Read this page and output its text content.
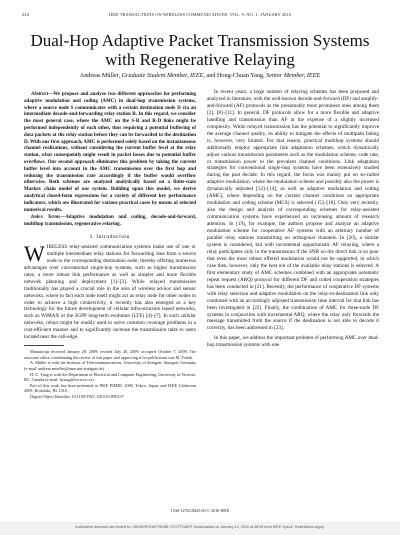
234	IEEE TRANSACTIONS ON WIRELESS COMMUNICATIONS, VOL. 9, NO. 1, JANUARY 2010
Dual-Hop Adaptive Packet Transmission Systems
with Regenerative Relaying
Andreas Müller, Graduate Student Member, IEEE, and Hong-Chuan Yang, Senior Member, IEEE

Abstract—We propose and analyze two different approaches for performing adaptive modulation and coding (AMC) in dual-hop transmission systems, where a source node S communicates with a certain destination node D via an intermediate decode-and-forwarding relay station R. In this regard, we consider the most general case, where the AMC on the S-R and R-D links might be performed independently of each other, thus requiring a potential buffering of data packets at the relay station before they can be forwarded to the destination D. With our first approach, AMC is performed solely based on the instantaneous channel realizations, without considering the current buffer level at the relay station, what consequently might result in packet losses due to potential buffer overflows. Our second approach eliminates this problem by taking the current buffer level into account in the AMC transmission over the first hop and reducing the transmission rate accordingly if the buffer would overflow otherwise. Both schemes are analyzed analytically based on a finite-state Markov chain model of our system. Building upon this model, we derive analytical closed-form expressions for a variety of different key performance indicators, which are illustrated for various practical cases by means of selected numerical results.

Index Terms—Adaptive modulation and coding, decode-and-forward, multihop transmission, regenerative relaying.

I. Introduction
W IRELESS relay-assisted communication systems make use of one or multiple intermediate relay stations for forwarding data from a source node to the corresponding destination node, thereby offering numerous advantages over conventional single-hop systems, such as higher transmission rates, a more robust link performance as well as simpler and more flexible network planning and deployment [1]–[3]. While relayed transmission traditionally has played a crucial role in the area of wireless ad-hoc and sensor networks, where in fact each node itself might act as relay node for other nodes in order to achieve a high connectivity, it recently has also emerged as a key technology for the future development of cellular infra-structure based networks, such as WiMAX or the 3GPP long-term evolution (LTE) [4]–[7]. In such cellular networks, relays might be readily used to solve common coverage problems in a cost-efficient manner and to significantly increase the transmission rates to users located near the cell-edge.

Manuscript received January 29, 2009; revised July 20, 2009; accepted October 7, 2009. The associate editor coordinating the review of this paper and approving it for publication was M. Torlak.

A. Müller is with the Institute of Telecommunications, University of Stuttgart, Stuttgart, Germany (e-mail: andreas.mueller@inue.uni-stuttgart.de).

H.-C. Yang is with the Department of Electrical and Computer Engineering, University of Victoria, BC, Canada (e-mail: hyang@ece.uvic.ca).

Part of this work has been presented at IEEE PIMRC 2009, Tokyo, Japan, and IEEE Globecom 2009, Honolulu, HI, USA.

Digital Object Identifier 10.1109/TWC.2010.01.090137

In recent years, a large number of relaying schemes has been proposed and analyzed in literature, with the well-known decode-and-forward (DF) and amplify-and-forward (AF) protocols as the presumably most prominent ones among them [2], [8]–[11]. In general, DF protocols allow for a more flexible and adaptive handling and transmission than AF at the expense of a slightly increased complexity. While relayed transmission has the potential to significantly improve the average channel quality, its ability to mitigate the effects of multipath fading is, however, very limited. For that reason, practical multihop systems should additionally employ appropriate link adaptation schemes, which dynamically adjust various transmission parameters such as the modulation scheme, code rate, or transmission power to the prevalent channel conditions. Link adaptation strategies for conventional single-hop systems have been extensively studied during the past decade. In this regard, the focus was mainly put on so-called adaptive modulation, where the modulation scheme and possibly also the power is dynamically adjusted [12]–[14], as well as adaptive modulation and coding (AMC), where depending on the current channel conditions an appropriate modulation and coding scheme (MCS) is selected [15]–[18]. Only very recently, also the design and analysis of corresponding schemes for relay-assisted communication systems have experienced an increasing amount of research attention. In [19], for example, the authors propose and analyze an adaptive modulation scheme for cooperative AF systems with an arbitrary number of parallel relay stations transmitting on orthogonal channels. In [20], a similar system is considered, but with incremental opportunistic AF relaying, where a relay participates only in the transmission if the SNR on the direct link is so poor that even the most robust offered modulation would not be supported, in which case then, however, only the best out of the available relay stations is selected. A first elementary study of AMC schemes combined with an appropriate automatic repeat request (ARQ) protocol for different DF and coded cooperation strategies has been conducted in [21]. Recently, the performance of cooperative DF systems with relay selection and adaptive modulation on the relay-to-destination link only combined with an accordingly adjusted transmission time interval for that link has been investigated in [22]. Finally, the combination of AMC for three-node DF systems in conjunction with incremental ARQ, where the relay only forwards the message transmitted from the source if the destination is not able to decode it correctly, has been addressed in [23].

In this paper, we address the important problem of performing AMC over dual-hop transmission systems with one

1536-1276/10$25.00 © 2010 IEEE
Authorized licensed use limited to: UNIVERSITAETSBIBL STUTTGART. Downloaded on January 12, 2010 at 08:09 from IEEE Xplore. Restrictions apply.
